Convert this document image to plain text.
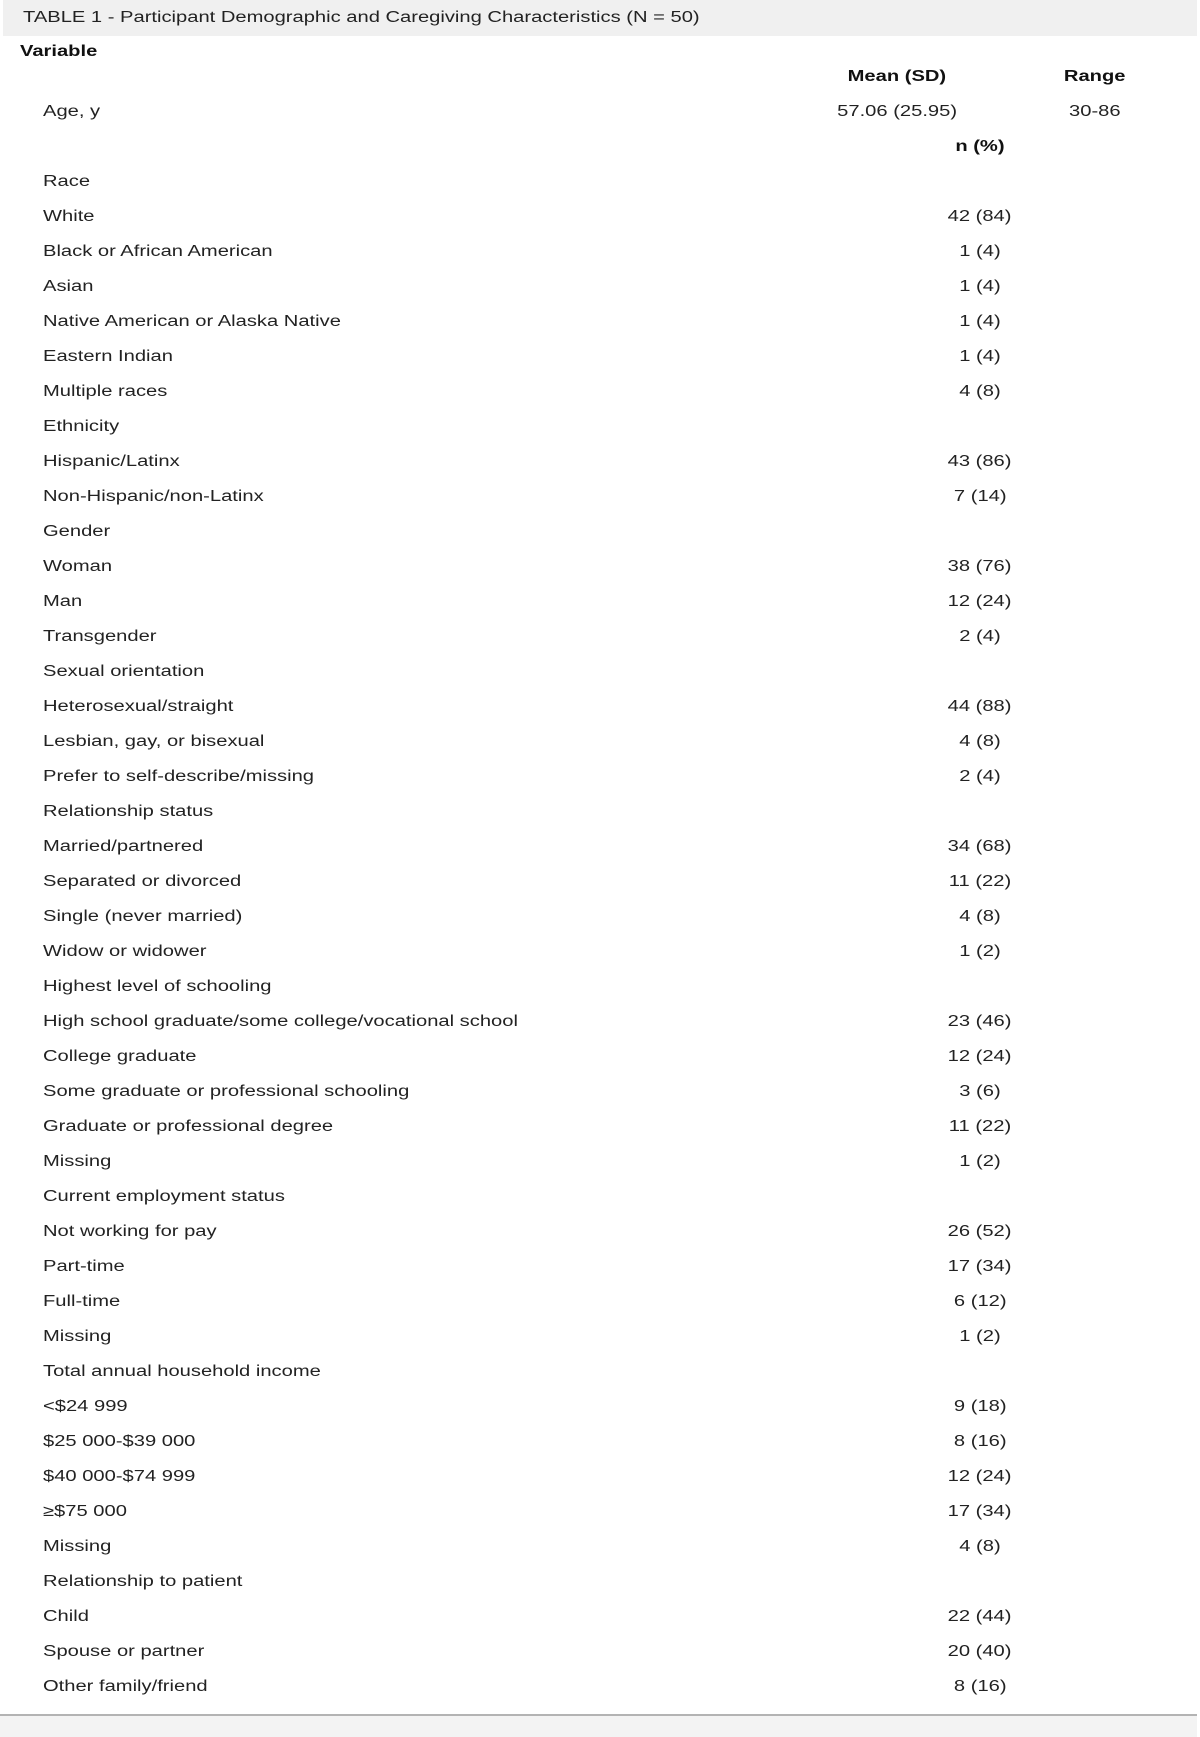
TABLE 1 - Participant Demographic and Caregiving Characteristics (N = 50)
Variable
Mean (SD)	Range
Age, y	57.06 (25.95)	30-86
n (%)
Race
White	42 (84)
Black or African American	1 (4)
Asian	1 (4)
Native American or Alaska Native	1 (4)
Eastern Indian	1 (4)
Multiple races	4 (8)
Ethnicity
Hispanic/Latinx	43 (86)
Non-Hispanic/non-Latinx	7 (14)
Gender
Woman	38 (76)
Man	12 (24)
Transgender	2 (4)
Sexual orientation
Heterosexual/straight	44 (88)
Lesbian, gay, or bisexual	4 (8)
Prefer to self-describe/missing	2 (4)
Relationship status
Married/partnered	34 (68)
Separated or divorced	11 (22)
Single (never married)	4 (8)
Widow or widower	1 (2)
Highest level of schooling
High school graduate/some college/vocational school	23 (46)
College graduate	12 (24)
Some graduate or professional schooling	3 (6)
Graduate or professional degree	11 (22)
Missing	1 (2)
Current employment status
Not working for pay	26 (52)
Part-time	17 (34)
Full-time	6 (12)
Missing	1 (2)
Total annual household income
<$24 999	9 (18)
$25 000-$39 000	8 (16)
$40 000-$74 999	12 (24)
≥$75 000	17 (34)
Missing	4 (8)
Relationship to patient
Child	22 (44)
Spouse or partner	20 (40)
Other family/friend	8 (16)
